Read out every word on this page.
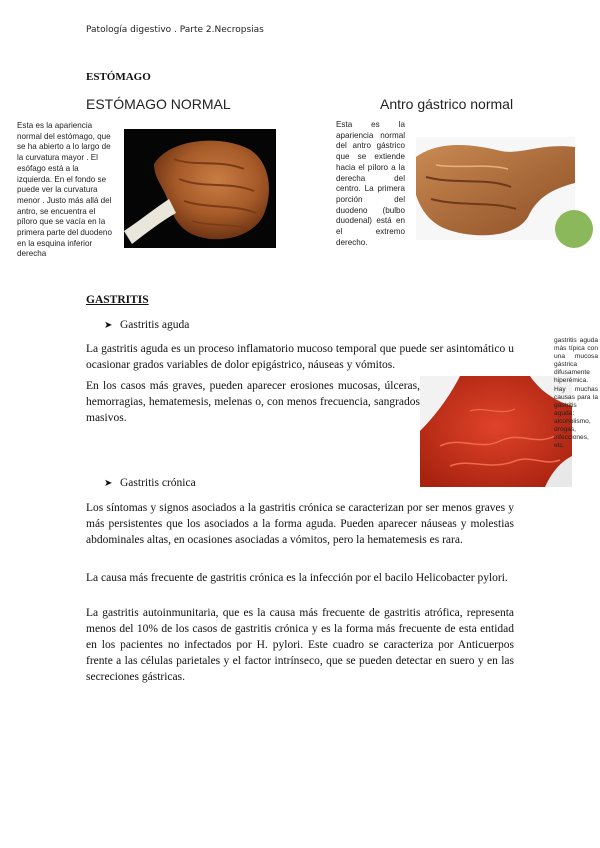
Patología digestivo . Parte 2.Necropsias
ESTÓMAGO
ESTÓMAGO NORMAL	Antro gástrico normal
Esta es la apariencia normal del estómago, que se ha abierto a lo largo de la curvatura mayor . El esófago está a la izquierda. En el fondo se puede ver la curvatura menor . Justo más allá del antro, se encuentra el píloro que se vacía en la primera parte del duodeno en la esquina inferior derecha
Esta es la apariencia normal del antro gástrico que se extiende hacia el píloro a la derecha del centro. La primera porción del duodeno (bulbo duodenal) está en el extremo derecho.
GASTRITIS
➤ Gastritis aguda
La gastritis aguda es un proceso inflamatorio mucoso temporal que puede ser asintomático u ocasionar grados variables de dolor epigástrico, náuseas y vómitos.
En los casos más graves, pueden aparecer erosiones mucosas, úlceras, hemorragias, hematemesis, melenas o, con menos frecuencia, sangrados masivos.
gastritis aguda más típica con una mucosa gástrica difusamente hiperémica. Hay muchas causas para la gastritis aguda: alcoholismo, drogas, infecciones, etc.
➤ Gastritis crónica
Los síntomas y signos asociados a la gastritis crónica se caracterizan por ser menos graves y más persistentes que los asociados a la forma aguda. Pueden aparecer náuseas y molestias abdominales altas, en ocasiones asociadas a vómitos, pero la hematemesis es rara.
La causa más frecuente de gastritis crónica es la infección por el bacilo Helicobacter pylori.
La gastritis autoinmunitaria, que es la causa más frecuente de gastritis atrófica, representa menos del 10% de los casos de gastritis crónica y es la forma más frecuente de esta entidad en los pacientes no infectados por H. pylori. Este cuadro se caracteriza por Anticuerpos frente a las células parietales y el factor intrínseco, que se pueden detectar en suero y en las secreciones gástricas.
